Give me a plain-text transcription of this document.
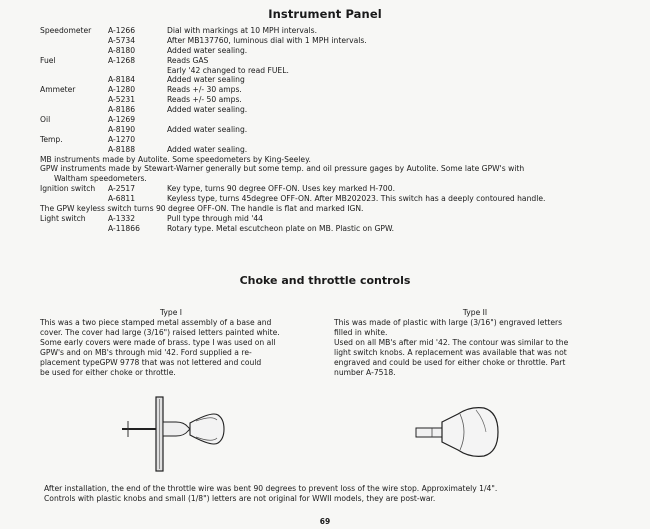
Instrument Panel
Speedometer A-1266	Dial with markings at 10 MPH intervals.
A-5734	After MB137760, luminous dial with 1 MPH intervals.
A-8180	Added water sealing.
Fuel	A-1268	Reads GAS
Early '42 changed to read FUEL.
A-8184	Added water sealing
Ammeter	A-1280	Reads +/- 30 amps.
A-5231	Reads +/- 50 amps.
A-8186	Added water sealing.
Oil	A-1269
A-8190	Added water sealing.
Temp.	A-1270
A-8188	Added water sealing.
MB instruments made by Autolite. Some speedometers by King-Seeley.
GPW instruments made by Stewart-Warner generally but some temp. and oil pressure gages by Autolite. Some late GPW's with
Waltham speedometers.
Ignition switch A-2517	Key type, turns 90 degree OFF-ON. Uses key marked H-700.
A-6811	Keyless type, turns 45degree OFF-ON. After MB202023. This switch has a deeply contoured handle.
The GPW keyless switch turns 90 degree OFF-ON. The handle is flat and marked IGN.
Light switch	A-1332	Pull type through mid '44
A-11866	Rotary type. Metal escutcheon plate on MB. Plastic on GPW.
Choke and throttle controls
Type I
This was a two piece stamped metal assembly of a base and
cover. The cover had large (3/16") raised letters painted white.
Some early covers were made of brass. type I was used on all
GPW's and on MB's through mid '42. Ford supplied a re-
placement typeGPW 9778 that was not lettered and could
be used for either choke or throttle.
Type II
This was made of plastic with large (3/16") engraved letters
filled in white.
Used on all MB's after mid '42. The contour was similar to the
light switch knobs. A replacement was available that was not
engraved and could be used for either choke or throttle. Part
number A-7518.
After installation, the end of the throttle wire was bent 90 degrees to prevent loss of the wire stop. Approximately 1/4".
Controls with plastic knobs and small (1/8") letters are not original for WWII models, they are post-war.
69
